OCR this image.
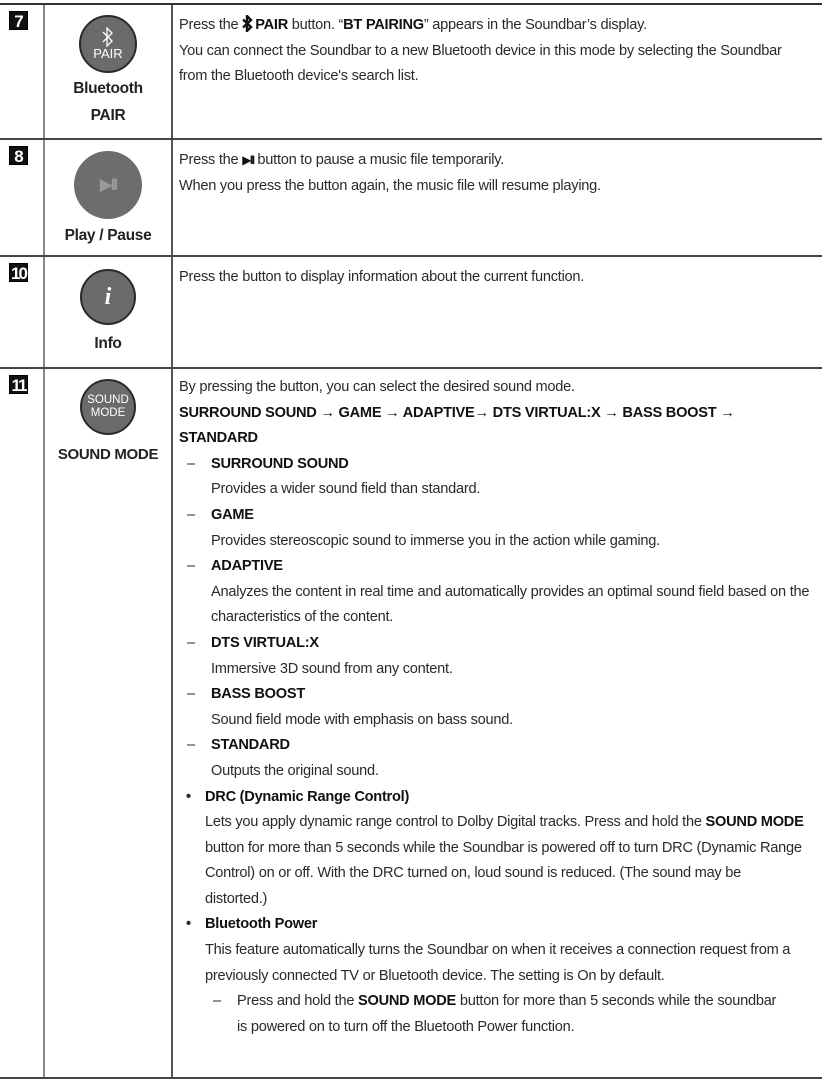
7
PAIR
Bluetooth
PAIR

Press the PAIR button. “BT PAIRING” appears in the Soundbar’s display.

You can connect the Soundbar to a new Bluetooth device in this mode by selecting the Soundbar from the Bluetooth device's search list.

8
▶II
Play / Pause

Press the ▶II button to pause a music file temporarily.

When you press the button again, the music file will resume playing.

10
i
Info

Press the button to display information about the current function.

11
SOUND
MODE
SOUND MODE

By pressing the button, you can select the desired sound mode.

SURROUND SOUND → GAME → ADAPTIVE→ DTS VIRTUAL:X → BASS BOOST → STANDARD

– SURROUND SOUND
Provides a wider sound field than standard.
– GAME
Provides stereoscopic sound to immerse you in the action while gaming.
– ADAPTIVE
Analyzes the content in real time and automatically provides an optimal sound field based on the characteristics of the content.
– DTS VIRTUAL:X
Immersive 3D sound from any content.
– BASS BOOST
Sound field mode with emphasis on bass sound.
– STANDARD
Outputs the original sound.
• DRC (Dynamic Range Control)
Lets you apply dynamic range control to Dolby Digital tracks. Press and hold the SOUND MODE button for more than 5 seconds while the Soundbar is powered off to turn DRC (Dynamic Range Control) on or off. With the DRC turned on, loud sound is reduced. (The sound may be distorted.)
• Bluetooth Power
This feature automatically turns the Soundbar on when it receives a connection request from a previously connected TV or Bluetooth device. The setting is On by default.
– Press and hold the SOUND MODE button for more than 5 seconds while the soundbar is powered on to turn off the Bluetooth Power function.
